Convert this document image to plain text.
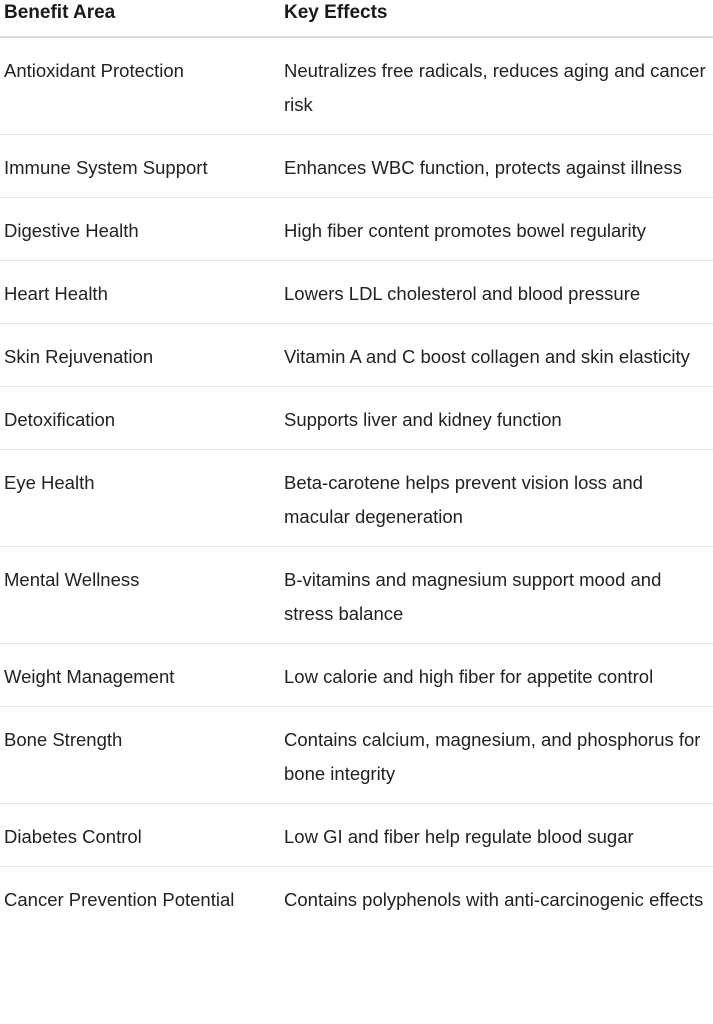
Benefit Area	Key Effects
Antioxidant Protection	Neutralizes free radicals, reduces aging and cancer risk
Immune System Support	Enhances WBC function, protects against illness
Digestive Health	High fiber content promotes bowel regularity
Heart Health	Lowers LDL cholesterol and blood pressure
Skin Rejuvenation	Vitamin A and C boost collagen and skin elasticity
Detoxification	Supports liver and kidney function
Eye Health	Beta-carotene helps prevent vision loss and macular degeneration
Mental Wellness	B-vitamins and magnesium support mood and stress balance
Weight Management	Low calorie and high fiber for appetite control
Bone Strength	Contains calcium, magnesium, and phosphorus for bone integrity
Diabetes Control	Low GI and fiber help regulate blood sugar
Cancer Prevention Potential	Contains polyphenols with anti-carcinogenic effects
